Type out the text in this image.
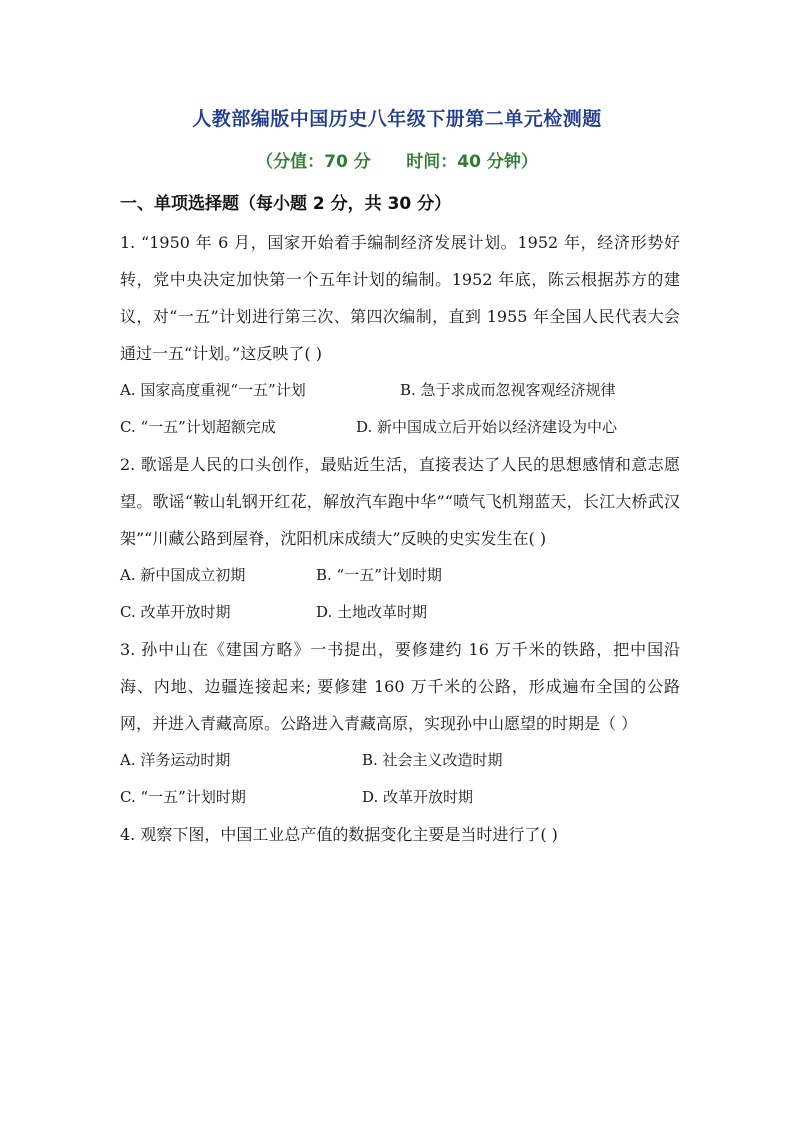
人教部编版中国历史八年级下册第二单元检测题
（分值：70 分      时间：40 分钟）
一、单项选择题（每小题 2 分，共 30 分）
1. “1950 年 6 月，国家开始着手编制经济发展计划。1952 年，经济形势好转，党中央决定加快第一个五年计划的编制。1952 年底，陈云根据苏方的建议，对“一五”计划进行第三次、第四次编制，直到 1955 年全国人民代表大会通过一五“计划。”这反映了( )
A. 国家高度重视“一五”计划	B. 急于求成而忽视客观经济规律
C. “一五”计划超额完成	D. 新中国成立后开始以经济建设为中心
2. 歌谣是人民的口头创作，最贴近生活，直接表达了人民的思想感情和意志愿望。歌谣“鞍山轧钢开红花，解放汽车跑中华”“喷气飞机翔蓝天，长江大桥武汉架”“川藏公路到屋脊，沈阳机床成绩大”反映的史实发生在( )
A. 新中国成立初期	B. “一五”计划时期
C. 改革开放时期	D. 土地改革时期
3. 孙中山在《建国方略》一书提出，要修建约 16 万千米的铁路，把中国沿海、内地、边疆连接起来; 要修建 160 万千米的公路，形成遍布全国的公路网，并进入青藏高原。公路进入青藏高原，实现孙中山愿望的时期是（ ）
A. 洋务运动时期	B. 社会主义改造时期
C. “一五”计划时期	D. 改革开放时期
4. 观察下图，中国工业总产值的数据变化主要是当时进行了( )
